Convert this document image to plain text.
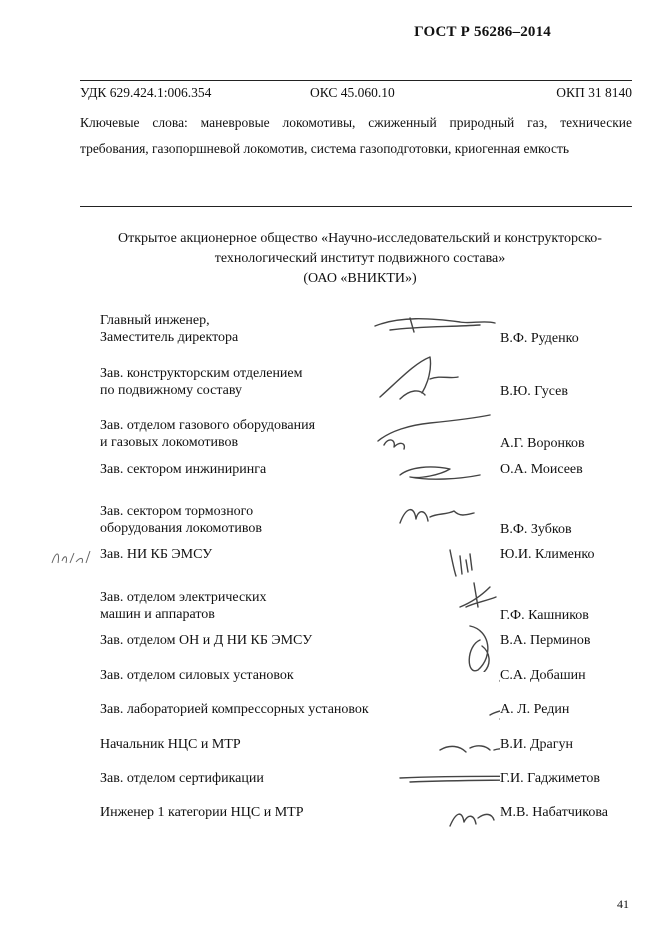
ГОСТ Р 56286–2014
УДК 629.424.1:006.354	ОКС 45.060.10	ОКП 31 8140
Ключевые слова: маневровые локомотивы, сжиженный природный газ, технические требования, газопоршневой локомотив, система газоподготовки, криогенная емкость
Открытое акционерное общество «Научно-исследовательский и конструкторско-
технологический институт подвижного состава»
(ОАО «ВНИКТИ»)
Главный инженер,
Заместитель директора	В.Ф. Руденко
Зав. конструкторским отделением
по подвижному составу	В.Ю. Гусев
Зав. отделом газового оборудования
и газовых локомотивов	А.Г. Воронков
Зав. сектором инжиниринга	О.А. Моисеев
Зав. сектором тормозного
оборудования локомотивов	В.Ф. Зубков
Зав. НИ КБ ЭМСУ	Ю.И. Клименко
Зав. отделом электрических
машин и аппаратов	Г.Ф. Кашников
Зав. отделом ОН и Д НИ КБ ЭМСУ	В.А. Перминов
Зав. отделом силовых установок	С.А. Добашин
Зав. лабораторией компрессорных установок	А. Л. Редин
Начальник НЦС и МТР	В.И. Драгун
Зав. отделом сертификации	Г.И. Гаджиметов
Инженер 1 категории НЦС и МТР	М.В. Набатчикова
41
